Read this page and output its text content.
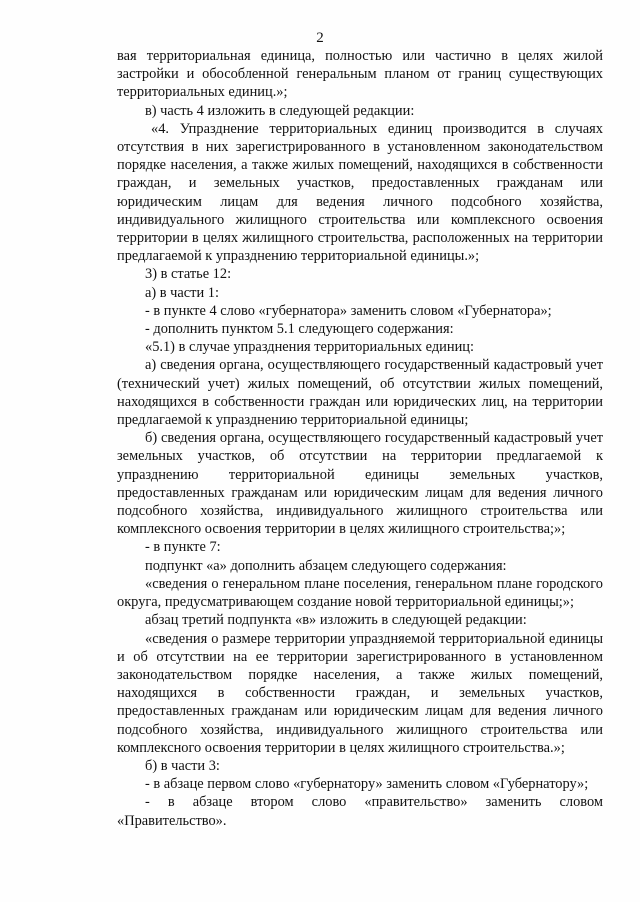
2

вая территориальная единица, полностью или частично в целях жилой застройки и обособленной генеральным планом от границ существующих территориальных единиц.»;

в) часть 4 изложить в следующей редакции:

«4. Упразднение территориальных единиц производится в случаях отсутствия в них зарегистрированного в установленном законодательством порядке населения, а также жилых помещений, находящихся в собственности граждан, и земельных участков, предоставленных гражданам или юридическим лицам для ведения личного подсобного хозяйства, индивидуального жилищного строительства или комплексного освоения территории в целях жилищного строительства, расположенных на территории предлагаемой к упразднению территориальной единицы.»;

3) в статье 12:

а) в части 1:

- в пункте 4 слово «губернатора» заменить словом «Губернатора»;

- дополнить пунктом 5.1 следующего содержания:

«5.1) в случае упразднения территориальных единиц:

а) сведения органа, осуществляющего государственный кадастровый учет (технический учет) жилых помещений, об отсутствии жилых помещений, находящихся в собственности граждан или юридических лиц, на территории предлагаемой к упразднению территориальной единицы;

б) сведения органа, осуществляющего государственный кадастровый учет земельных участков, об отсутствии на территории предлагаемой к упразднению территориальной единицы земельных участков, предоставленных гражданам или юридическим лицам для ведения личного подсобного хозяйства, индивидуального жилищного строительства или комплексного освоения территории в целях жилищного строительства;»;

- в пункте 7:

подпункт «а» дополнить абзацем следующего содержания:

«сведения о генеральном плане поселения, генеральном плане городского округа, предусматривающем создание новой территориальной единицы;»;

абзац третий подпункта «в» изложить в следующей редакции:

«сведения о размере территории упраздняемой территориальной единицы и об отсутствии на ее территории зарегистрированного в установленном законодательством порядке населения, а также жилых помещений, находящихся в собственности граждан, и земельных участков, предоставленных гражданам или юридическим лицам для ведения личного подсобного хозяйства, индивидуального жилищного строительства или комплексного освоения территории в целях жилищного строительства.»;

б) в части 3:

- в абзаце первом слово «губернатору» заменить словом «Губернатору»;

- в абзаце втором слово «правительство» заменить словом «Правительство».
